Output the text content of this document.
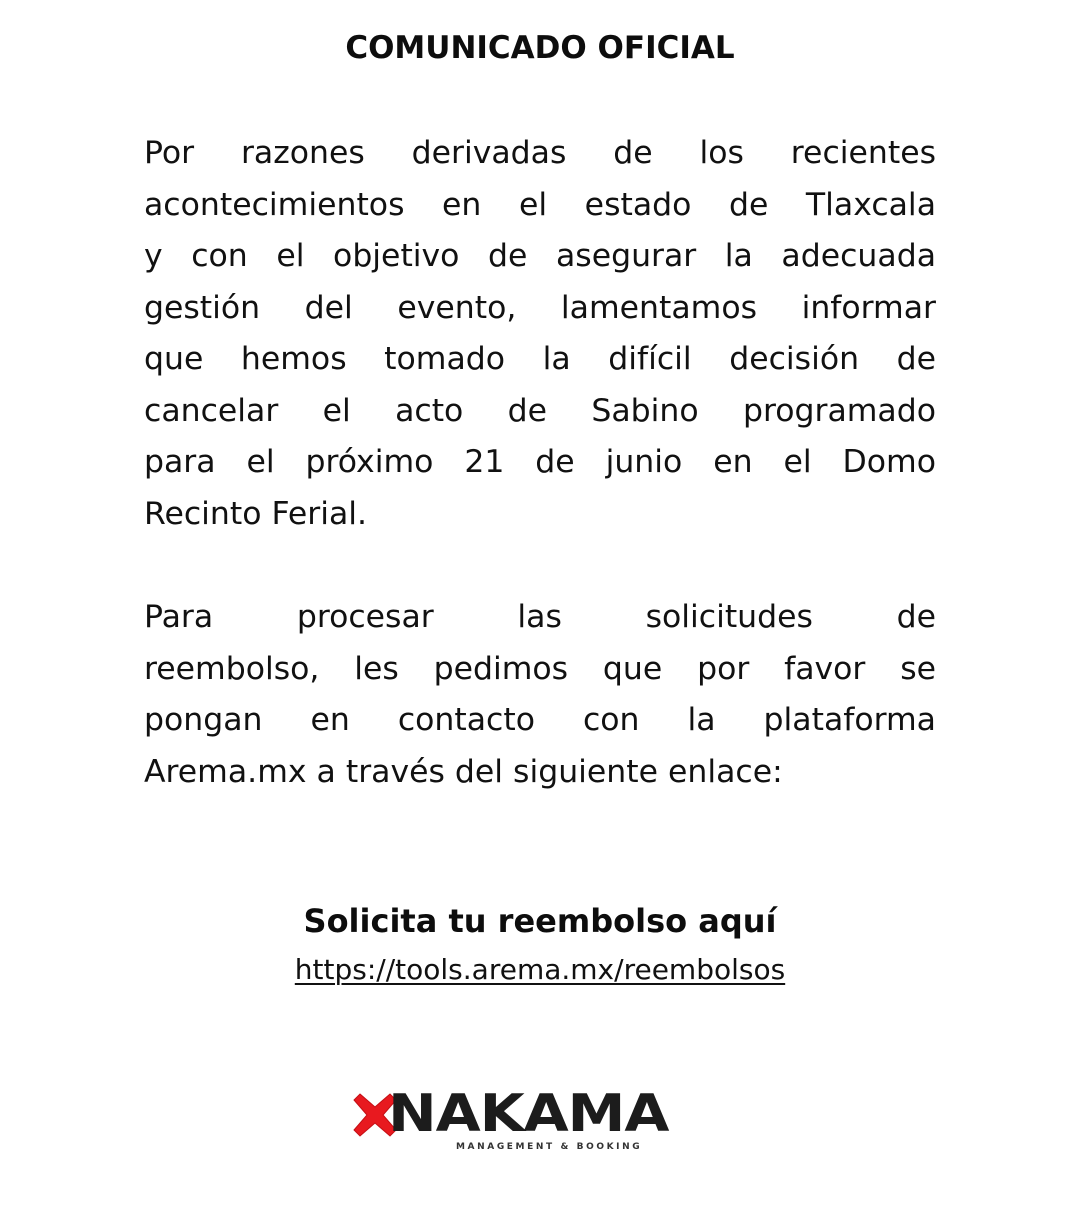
COMUNICADO OFICIAL
Por razones derivadas de los recientes
acontecimientos en el estado de Tlaxcala
y con el objetivo de asegurar la adecuada
gestión del evento, lamentamos informar
que hemos tomado la difícil decisión de
cancelar el acto de Sabino programado
para el próximo 21 de junio en el Domo
Recinto Ferial.
Para procesar las solicitudes de
reembolso, les pedimos que por favor se
pongan en contacto con la plataforma
Arema.mx a través del siguiente enlace:
Solicita tu reembolso aquí
https://tools.arema.mx/reembolsos
NAKAMA
MANAGEMENT & BOOKING
